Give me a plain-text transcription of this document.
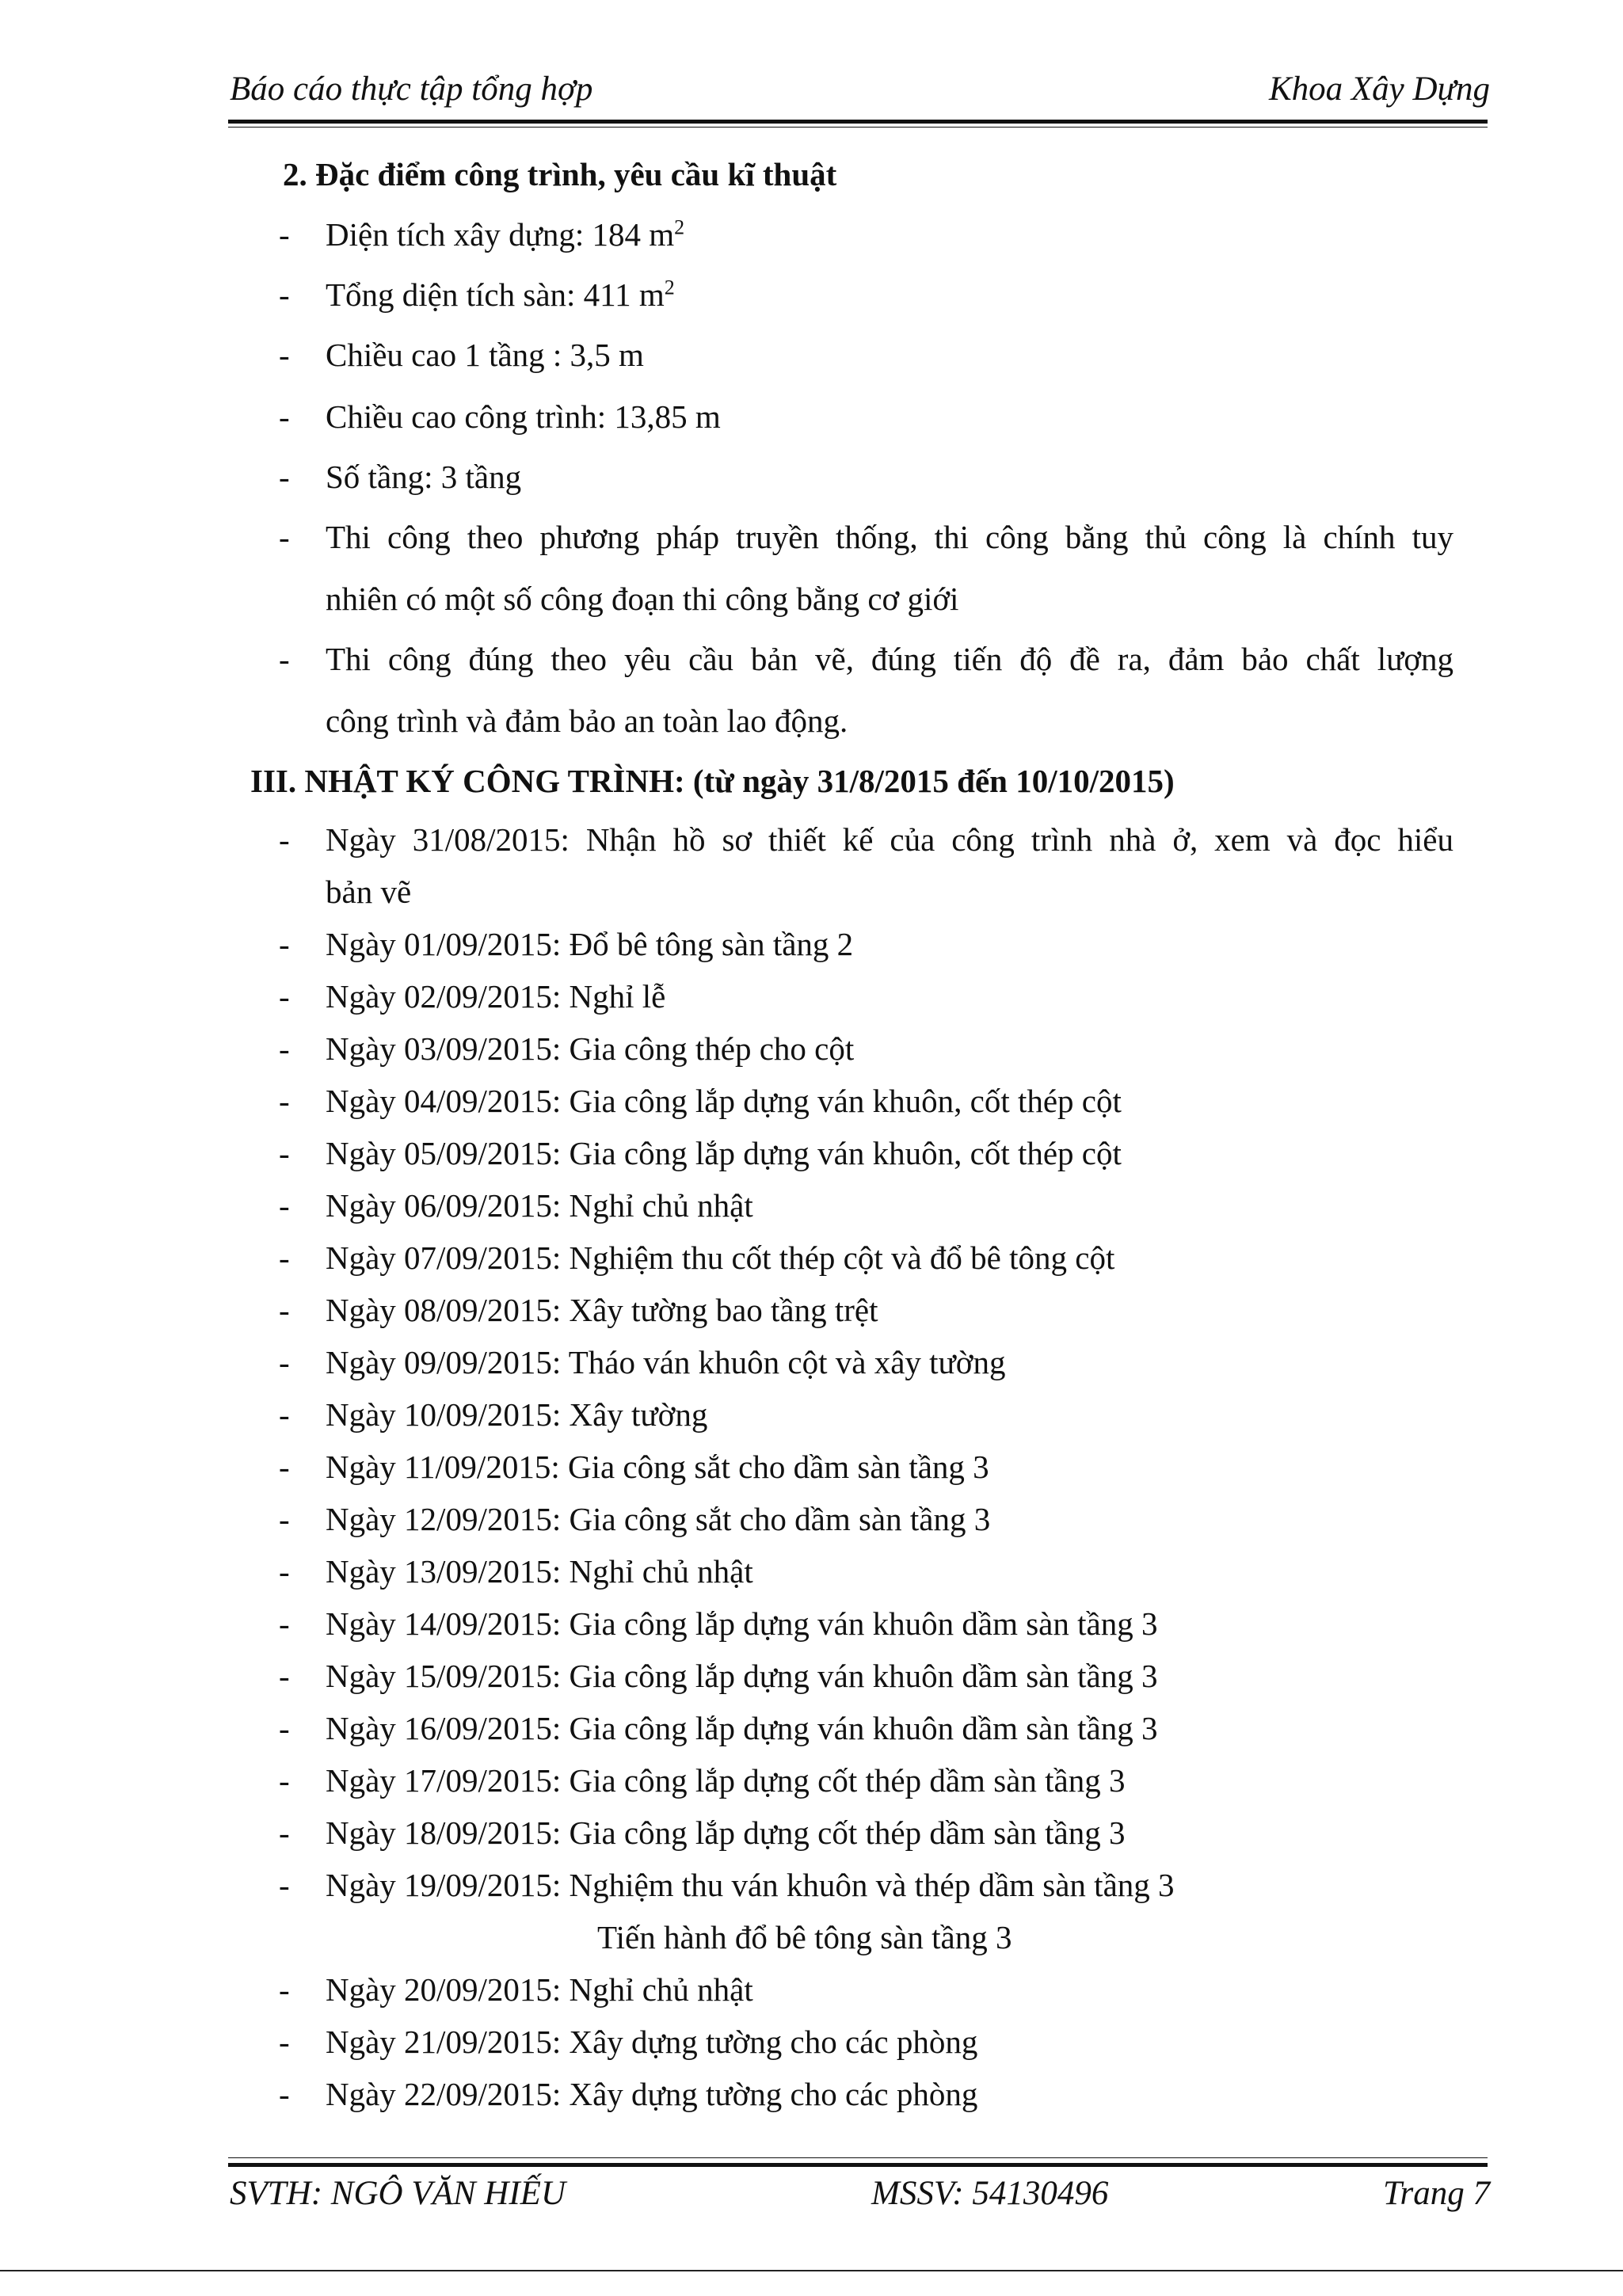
Báo cáo thực tập tổng hợp	Khoa Xây Dựng
2. Đặc điểm công trình, yêu cầu kĩ thuật
- Diện tích xây dựng: 184 $m^2$
- Tổng diện tích sàn: 411 $m^2$
- Chiều cao 1 tầng : 3,5 m
- Chiều cao công trình: 13,85 m
- Số tầng: 3 tầng
- Thi công theo phương pháp truyền thống, thi công bằng thủ công là chính tuy
nhiên có một số công đoạn thi công bằng cơ giới
- Thi công đúng theo yêu cầu bản vẽ, đúng tiến độ đề ra, đảm bảo chất lượng
công trình và đảm bảo an toàn lao động.
III. NHẬT KÝ CÔNG TRÌNH: (từ ngày 31/8/2015 đến 10/10/2015)
- Ngày 31/08/2015: Nhận hồ sơ thiết kế của công trình nhà ở, xem và đọc hiểu
bản vẽ
- Ngày 01/09/2015: Đổ bê tông sàn tầng 2
- Ngày 02/09/2015: Nghỉ lễ
- Ngày 03/09/2015: Gia công thép cho cột
- Ngày 04/09/2015: Gia công lắp dựng ván khuôn, cốt thép cột
- Ngày 05/09/2015: Gia công lắp dựng ván khuôn, cốt thép cột
- Ngày 06/09/2015: Nghỉ chủ nhật
- Ngày 07/09/2015: Nghiệm thu cốt thép cột và đổ bê tông cột
- Ngày 08/09/2015: Xây tường bao tầng trệt
- Ngày 09/09/2015: Tháo ván khuôn cột và xây tường
- Ngày 10/09/2015: Xây tường
- Ngày 11/09/2015: Gia công sắt cho dầm sàn tầng 3
- Ngày 12/09/2015: Gia công sắt cho dầm sàn tầng 3
- Ngày 13/09/2015: Nghỉ chủ nhật
- Ngày 14/09/2015: Gia công lắp dựng ván khuôn dầm sàn tầng 3
- Ngày 15/09/2015: Gia công lắp dựng ván khuôn dầm sàn tầng 3
- Ngày 16/09/2015: Gia công lắp dựng ván khuôn dầm sàn tầng 3
- Ngày 17/09/2015: Gia công lắp dựng cốt thép dầm sàn tầng 3
- Ngày 18/09/2015: Gia công lắp dựng cốt thép dầm sàn tầng 3
- Ngày 19/09/2015: Nghiệm thu ván khuôn và thép dầm sàn tầng 3
Tiến hành đổ bê tông sàn tầng 3
- Ngày 20/09/2015: Nghỉ chủ nhật
- Ngày 21/09/2015: Xây dựng tường cho các phòng
- Ngày 22/09/2015: Xây dựng tường cho các phòng
SVTH: NGÔ VĂN HIẾU	MSSV: 54130496	Trang 7
